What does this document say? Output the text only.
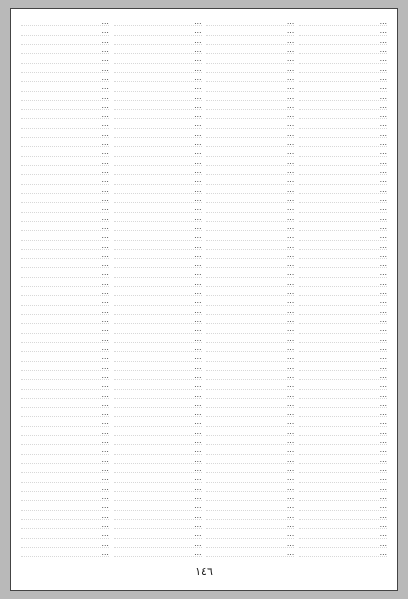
…
…
…
…
…
…
…
…
…
…
…
…
…
…
…
…
…
…
…
…
…
…
…
…
…
…
…
…
…
…
…
…
…
…
…
…
…
…
…
…
…
…
…
…
…
…
…
…
…
…
…
…
…
…
…
…
…
…
…
…
…
…
…
…
…
…
…
…
…
…
…
…
…
…
…
…
…
…
…
…
…
…
…
…
…
…
…
…
…
…
…
…
…
…
…
…
…
…
…
…
…
…
…
…
…
…
…
…
…
…
…
…
…
…
…
…
…
…
…
…
…
…
…
…
…
…
…
…
…
…
…
…
…
…
…
…
…
…
…
…
…
…
…
…
…
…
…
…
…
…
…
…
…
…
…
…
…
…
…
…
…
…
…
…
…
…
…
…
…
…
…
…
…
…
…
…
…
…
…
…
…
…
…
…
…
…
…
…
…
…
…
…
…
…
…
…
…
…
…
…
…
…
…
…
…
…
…
…
…
…
…
…
…
…
…
…
…
…
…
…
…
…
…
…
…
…
…
…
…
…
…
…
١٤٦
